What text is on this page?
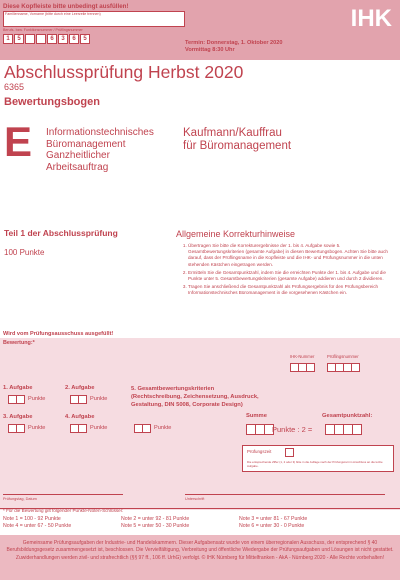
IHK
Diese Kopfleiste bitte unbedingt ausfüllen!
Familienname, Vorname (bitte durch eine Leerzeile trennen)
Berufs- bzw. Funktionsnummer / Prüflingsnummer
1	5	6	3	6	5
Termin: Donnerstag, 1. Oktober 2020
Vormittag 8:30 Uhr
Abschlussprüfung Herbst 2020
6365
Bewertungsbogen
E Informationstechnisches
Büromanagement
Ganzheitlicher
Arbeitsauftrag
Kaufmann/Kauffrau
für Büromanagement
Teil 1 der Abschlussprüfung
100 Punkte
Allgemeine Korrekturhinweise
1. Übertragen Sie bitte die Korrekturergebnisse der 1. bis 4. Aufgabe sowie 5. Gesamtbewertungskriterien (gesamte Aufgabe) in diesen Bewertungsbogen. Achten Sie bitte auch darauf, dass der Prüflingsname in die Kopfleiste und die IHK- und Prüfungsnummer in die unten stehenden Kästchen eingetragen werden.
2. Ermitteln Sie die Gesamtpunktzahl, indem Sie die erreichten Punkte der 1. bis 4. Aufgabe und die Punkte unter 5. Gesamtbewertungskriterien (gesamte Aufgabe) addieren und durch 2 dividieren.
3. Tragen Sie anschließend die Gesamtpunktzahl als Prüfungsergebnis für den Prüfungsbereich Informationstechnisches Büromanagement in die vorgesehenen Kästchen ein.
Wird vom Prüfungsausschuss ausgefüllt!
Bewertung:*
IHK-Nummer	Prüflingsnummer
1. Aufgabe
Punkte
2. Aufgabe
Punkte
3. Aufgabe
Punkte
4. Aufgabe
Punkte
5. Gesamtbewertungskriterien
(Rechtschreibung, Zeichensetzung, Ausdruck, Gestaltung, DIN 5008, Corporate Design)
Punkte
Summe	Gesamtpunktzahl:
Punkte : 2 =
Prüfungszeit
Die entsprechende Ziffer (1, 2 oder 3) bitte in die Auflage nach der Prüfungszeit im Anschluss an die letzte Aufgabe.
Prüfungstag, Datum	Unterschrift
* Für die Bewertung gilt folgender Punkte-Noten-Schlüssel:
Note 1 = 100 - 92 Punkte	Note 2 = unter 92 - 81 Punkte	Note 3 = unter 81 - 67 Punkte
Note 4 = unter 67 - 50 Punkte	Note 5 = unter 50 - 30 Punkte	Note 6 = unter 30 - 0 Punkte

Gemeinsame Prüfungsaufgaben der Industrie- und Handelskammern. Dieser Aufgabensatz wurde von einem überregionalen Ausschuss, der entsprechend § 40 Berufsbildungsgesetz zusammengesetzt ist, beschlossen. Die Vervielfältigung, Verbreitung und öffentliche Wiedergabe der Prüfungsaufgaben und Lösungen ist nicht gestattet. Zuwiderhandlungen werden zivil- und strafrechtlich (§§ 97 ff., 106 ff. UrhG) verfolgt. © IHK Nürnberg für Mittelfranken - AkA - Nürnberg 2020 - Alle Rechte vorbehalten!
